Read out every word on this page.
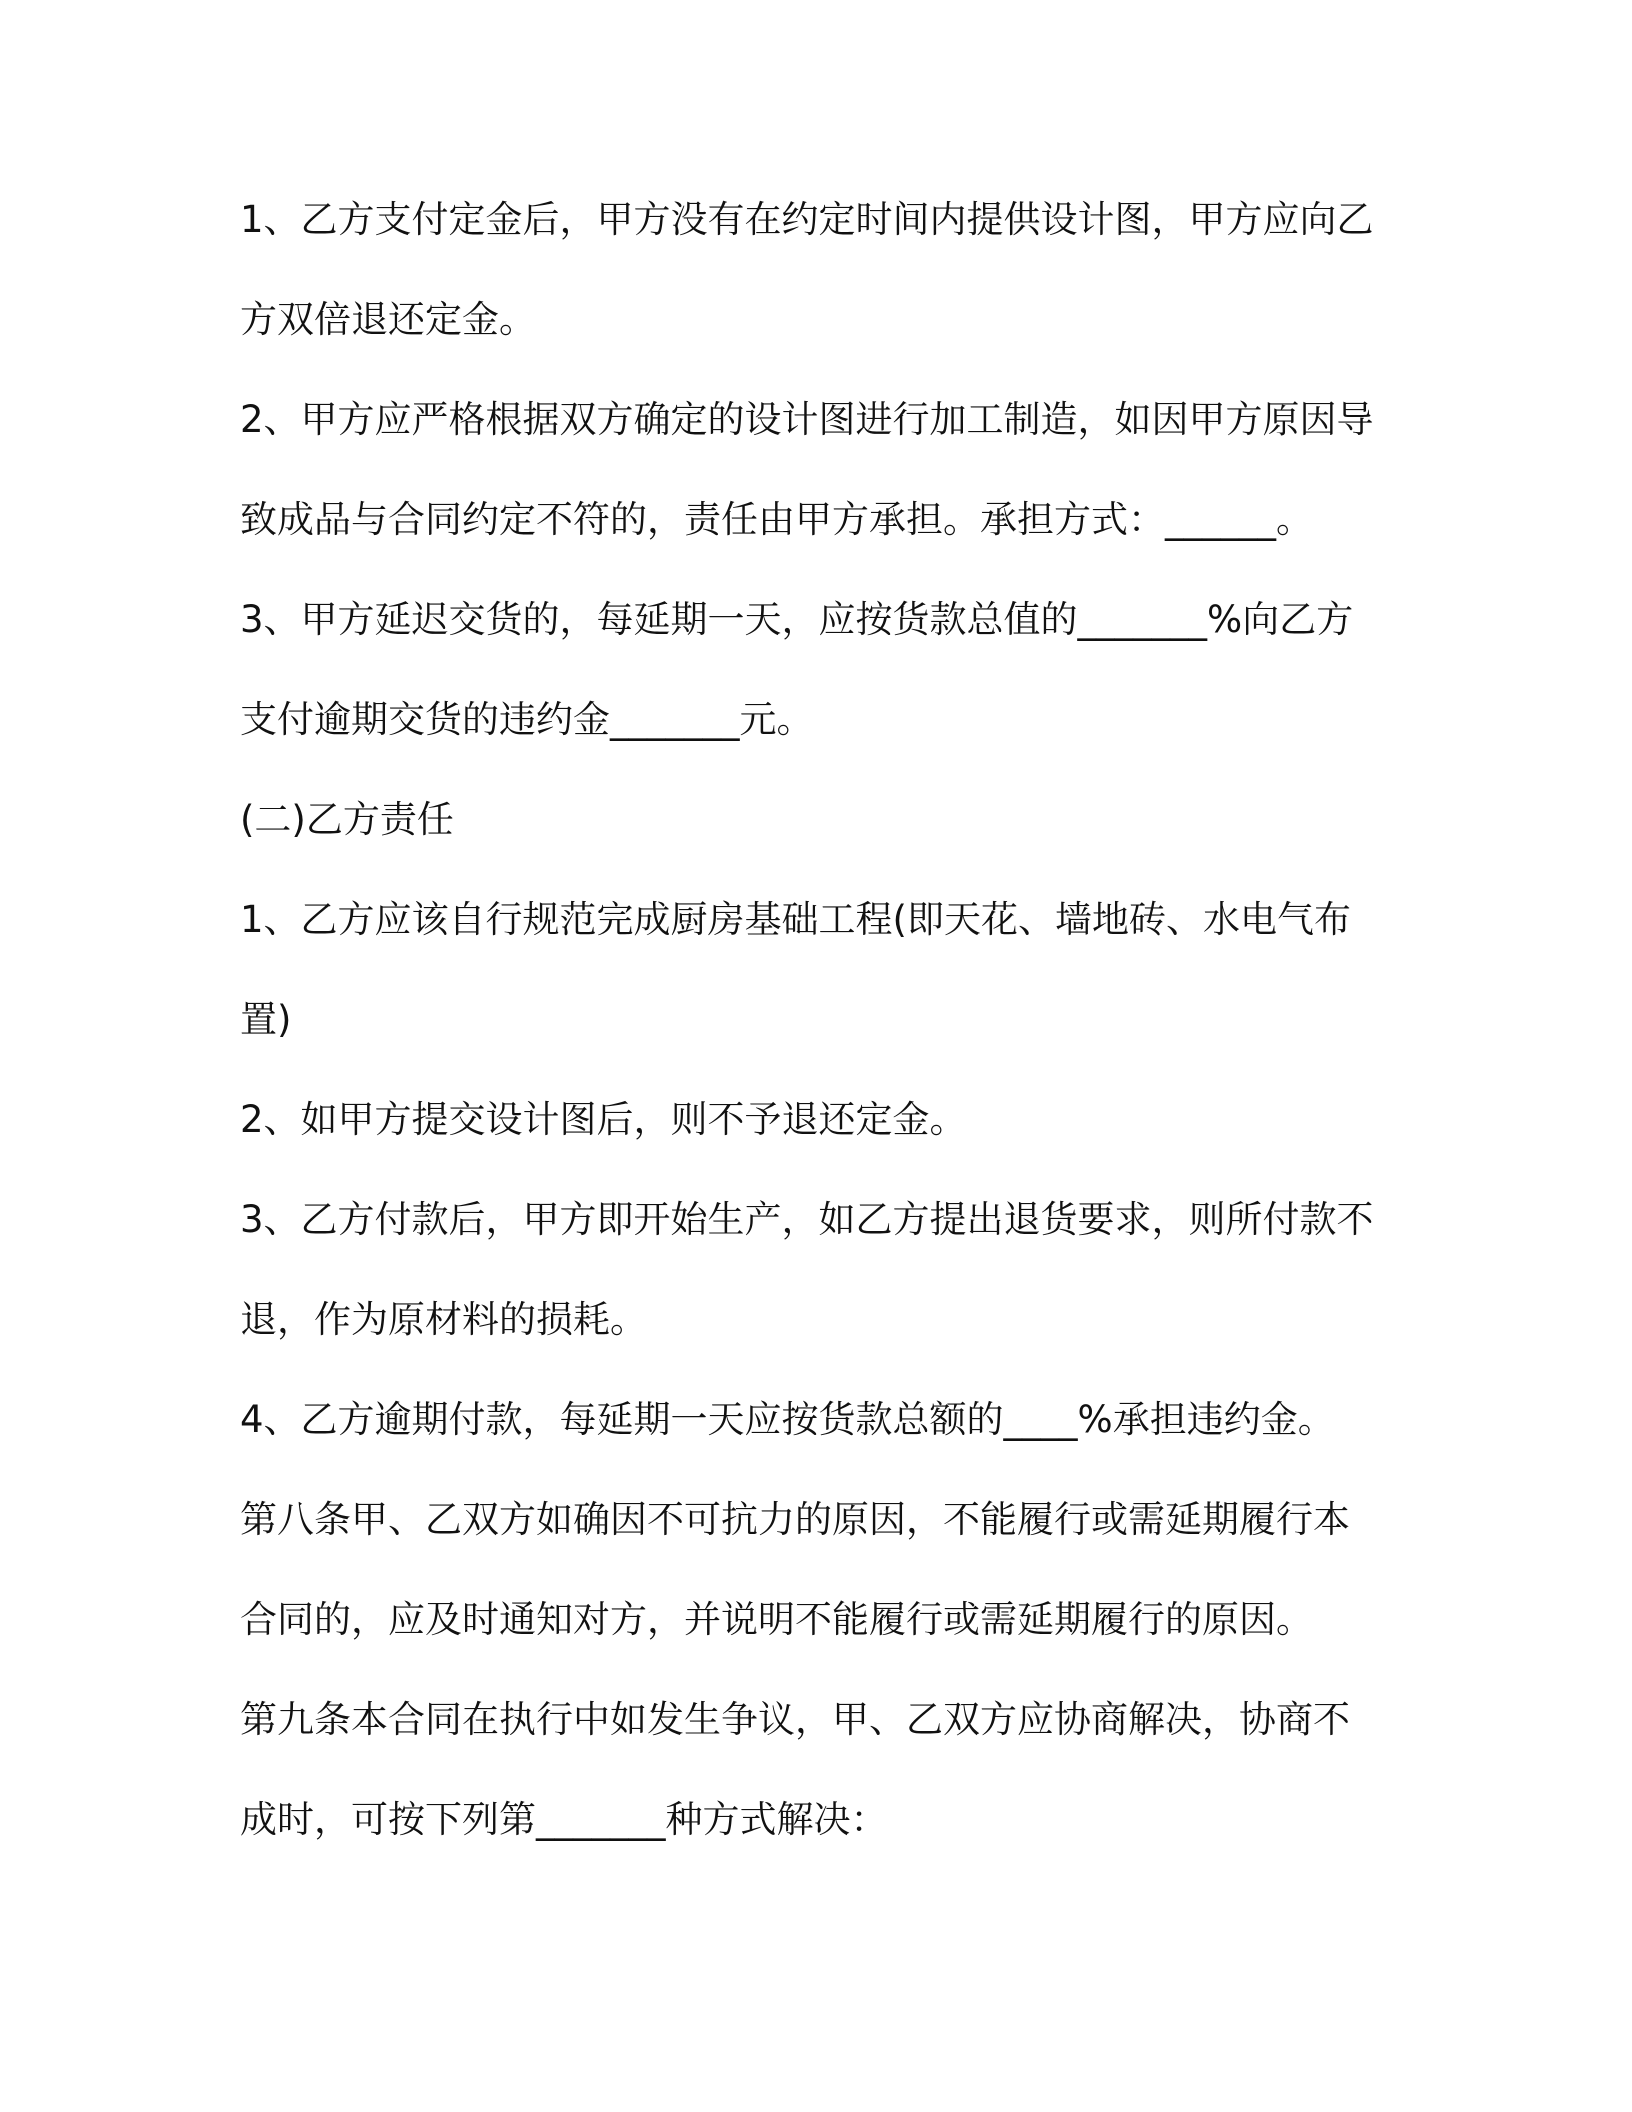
1、乙方支付定金后，甲方没有在约定时间内提供设计图，甲方应向乙
方双倍退还定金。
2、甲方应严格根据双方确定的设计图进行加工制造，如因甲方原因导
致成品与合同约定不符的，责任由甲方承担。承担方式：______。
3、甲方延迟交货的，每延期一天，应按货款总值的_______%向乙方
支付逾期交货的违约金_______元。
(二)乙方责任
1、乙方应该自行规范完成厨房基础工程(即天花、墙地砖、水电气布
置)
2、如甲方提交设计图后，则不予退还定金。
3、乙方付款后，甲方即开始生产，如乙方提出退货要求，则所付款不
退，作为原材料的损耗。
4、乙方逾期付款，每延期一天应按货款总额的____%承担违约金。
第八条甲、乙双方如确因不可抗力的原因，不能履行或需延期履行本
合同的，应及时通知对方，并说明不能履行或需延期履行的原因。
第九条本合同在执行中如发生争议，甲、乙双方应协商解决，协商不
成时，可按下列第_______种方式解决：
